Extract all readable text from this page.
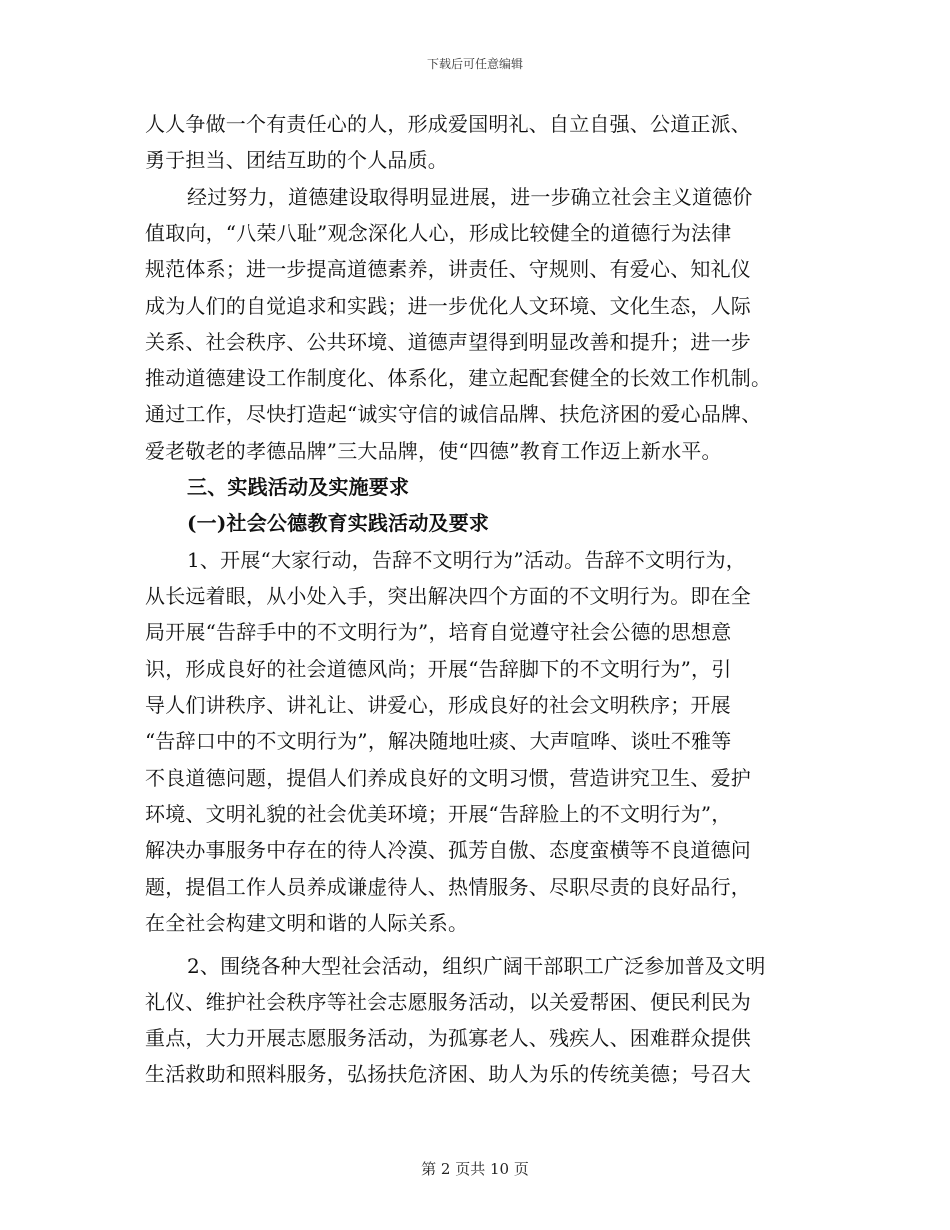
下载后可任意编辑
人人争做一个有责任心的人，形成爱国明礼、自立自强、公道正派、
勇于担当、团结互助的个人品质。
经过努力，道德建设取得明显进展，进一步确立社会主义道德价
值取向，“八荣八耻”观念深化人心，形成比较健全的道德行为法律
规范体系；进一步提高道德素养，讲责任、守规则、有爱心、知礼仪
成为人们的自觉追求和实践；进一步优化人文环境、文化生态，人际
关系、社会秩序、公共环境、道德声望得到明显改善和提升；进一步
推动道德建设工作制度化、体系化，建立起配套健全的长效工作机制。
通过工作，尽快打造起“诚实守信的诚信品牌、扶危济困的爱心品牌、
爱老敬老的孝德品牌”三大品牌，使“四德”教育工作迈上新水平。
三、实践活动及实施要求
(一)社会公德教育实践活动及要求
1、开展“大家行动，告辞不文明行为”活动。告辞不文明行为，
从长远着眼，从小处入手，突出解决四个方面的不文明行为。即在全
局开展“告辞手中的不文明行为”，培育自觉遵守社会公德的思想意
识，形成良好的社会道德风尚；开展“告辞脚下的不文明行为”，引
导人们讲秩序、讲礼让、讲爱心，形成良好的社会文明秩序；开展
“告辞口中的不文明行为”，解决随地吐痰、大声喧哗、谈吐不雅等
不良道德问题，提倡人们养成良好的文明习惯，营造讲究卫生、爱护
环境、文明礼貌的社会优美环境；开展“告辞脸上的不文明行为”，
解决办事服务中存在的待人冷漠、孤芳自傲、态度蛮横等不良道德问
题，提倡工作人员养成谦虚待人、热情服务、尽职尽责的良好品行，
在全社会构建文明和谐的人际关系。
2、围绕各种大型社会活动，组织广阔干部职工广泛参加普及文明
礼仪、维护社会秩序等社会志愿服务活动，以关爱帮困、便民利民为
重点，大力开展志愿服务活动，为孤寡老人、残疾人、困难群众提供
生活救助和照料服务，弘扬扶危济困、助人为乐的传统美德；号召大
第 2 页共 10 页
